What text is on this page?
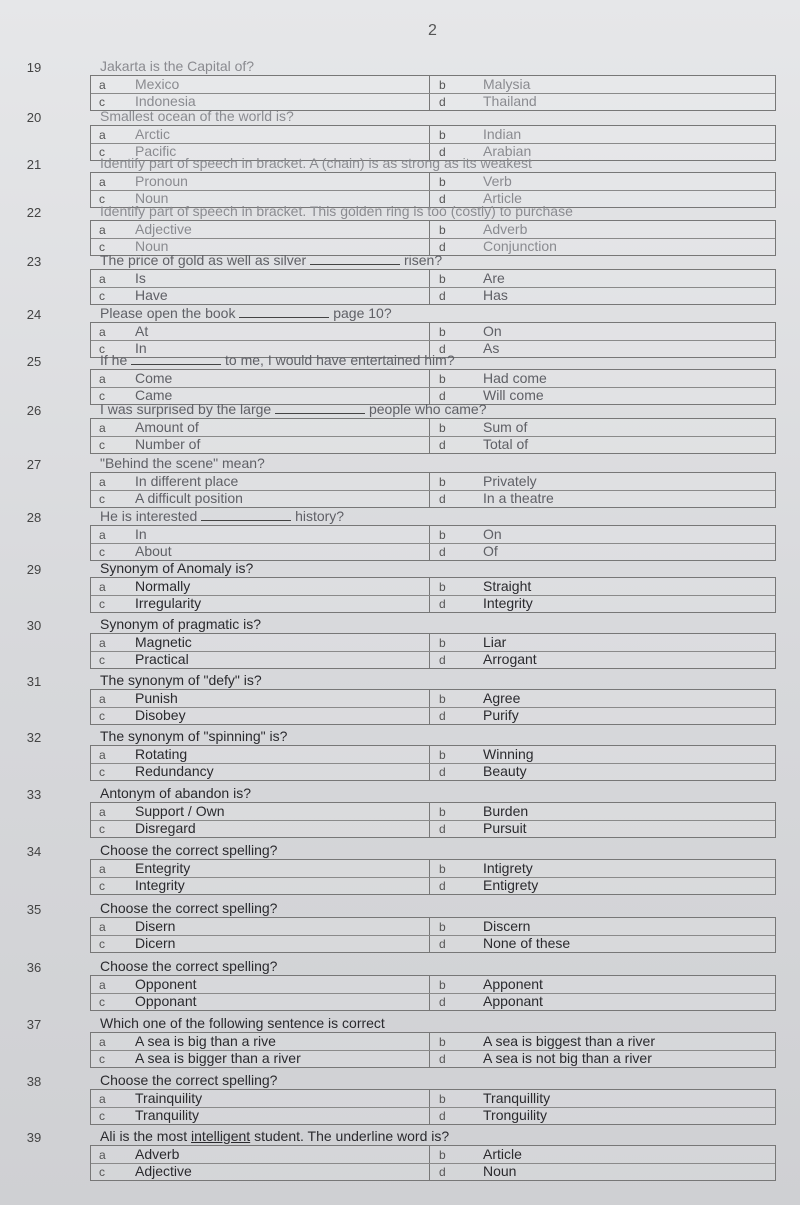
2
19	Jakarta is the Capital of?
a Mexico	b	Malysia
c Indonesia	d	Thailand
20	Smallest ocean of the world is?
a Arctic	b	Indian
c Pacific	d	Arabian
21	Identify part of speech in bracket. A (chain) is as strong as its weakest
a Pronoun	b	Verb
c Noun	d	Article
22	Identify part of speech in bracket. This golden ring is too (costly) to purchase
a Adjective	b	Adverb
c Noun	d	Conjunction
23	The price of gold as well as silver	risen?
a Is	b	Are
c Have	d	Has
24	Please open the book	page 10?
a At	b	On
c In	d	As
25	If he	to me, I would have entertained him?
a Come	b	Had come
c Came	d	Will come
26	I was surprised by the large	people who came?
a Amount of	b	Sum of
c Number of	d	Total of
27	"Behind the scene" mean?
a In different place	b	Privately
c A difficult position	d	In a theatre
28	He is interested	history?
a In	b	On
c About	d	Of
29	Synonym of Anomaly is?
a Normally	b	Straight
c Irregularity	d	Integrity
30	Synonym of pragmatic is?
a Magnetic	b	Liar
c Practical	d	Arrogant
31	The synonym of "defy" is?
a Punish	b	Agree
c Disobey	d	Purify
32	The synonym of "spinning" is?
a Rotating	b	Winning
c Redundancy	d	Beauty
33	Antonym of abandon is?
a Support / Own	b	Burden
c Disregard	d	Pursuit
34	Choose the correct spelling?
a Entegrity	b	Intigrety
c Integrity	d	Entigrety
35	Choose the correct spelling?
a Disern	b	Discern
c Dicern	d	None of these
36	Choose the correct spelling?
a Opponent	b	Apponent
c Opponant	d	Apponant
37	Which one of the following sentence is correct
a A sea is big than a rive	b	A sea is biggest than a river
c A sea is bigger than a river	d	A sea is not big than a river
38	Choose the correct spelling?
a Trainquility	b	Tranquillity
c Tranquility	d	Tronguility
39	Ali is the most intelligent student. The underline word is?
a Adverb	b	Article
c Adjective	d	Noun
